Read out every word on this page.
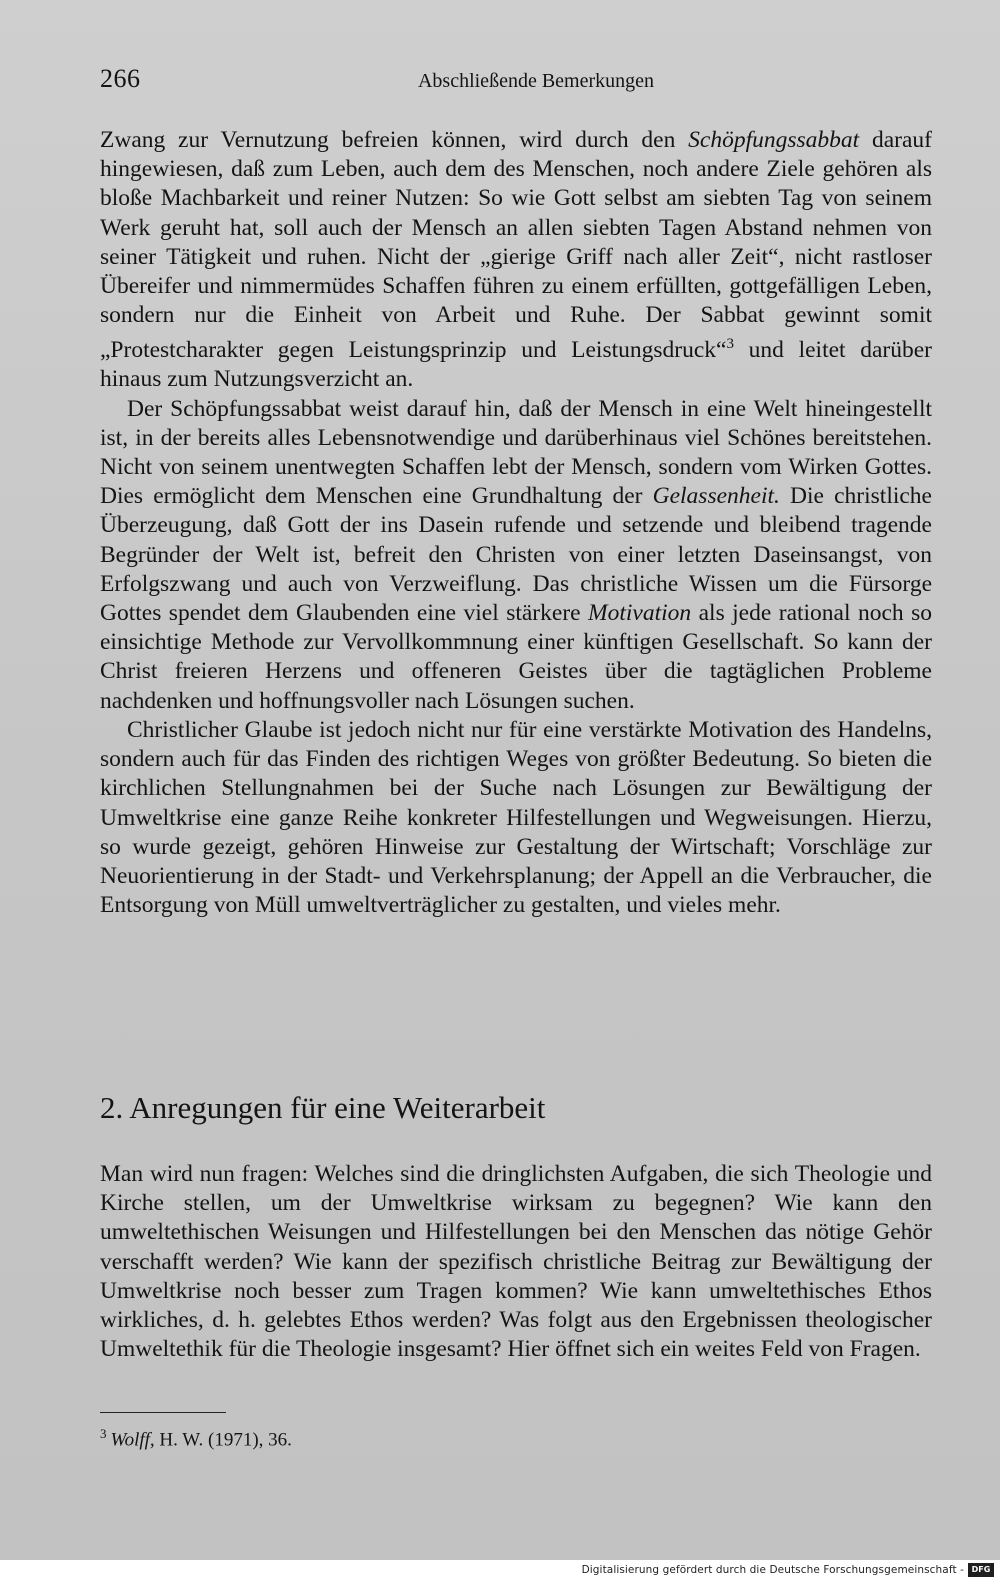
266	Abschließende Bemerkungen

Zwang zur Vernutzung befreien können, wird durch den Schöpfungssabbat darauf hingewiesen, daß zum Leben, auch dem des Menschen, noch andere Ziele gehören als bloße Machbarkeit und reiner Nutzen: So wie Gott selbst am siebten Tag von seinem Werk geruht hat, soll auch der Mensch an allen siebten Tagen Abstand nehmen von seiner Tätigkeit und ruhen. Nicht der „gierige Griff nach aller Zeit“, nicht rastloser Übereifer und nimmermüdes Schaffen führen zu einem erfüllten, gottgefälligen Leben, sondern nur die Einheit von Arbeit und Ruhe. Der Sabbat gewinnt somit „Protestcharakter gegen Leistungsprinzip und Leistungsdruck“$^3$ und leitet darüber hinaus zum Nutzungsverzicht an.

Der Schöpfungssabbat weist darauf hin, daß der Mensch in eine Welt hineingestellt ist, in der bereits alles Lebensnotwendige und darüberhinaus viel Schönes bereitstehen. Nicht von seinem unentwegten Schaffen lebt der Mensch, sondern vom Wirken Gottes. Dies ermöglicht dem Menschen eine Grundhaltung der Gelassenheit. Die christliche Überzeugung, daß Gott der ins Dasein rufende und setzende und bleibend tragende Begründer der Welt ist, befreit den Christen von einer letzten Daseinsangst, von Erfolgszwang und auch von Verzweiflung. Das christliche Wissen um die Fürsorge Gottes spendet dem Glaubenden eine viel stärkere Motivation als jede rational noch so einsichtige Methode zur Vervollkommnung einer künftigen Gesellschaft. So kann der Christ freieren Herzens und offeneren Geistes über die tagtäglichen Probleme nachdenken und hoffnungsvoller nach Lösungen suchen.

Christlicher Glaube ist jedoch nicht nur für eine verstärkte Motivation des Handelns, sondern auch für das Finden des richtigen Weges von größter Bedeutung. So bieten die kirchlichen Stellungnahmen bei der Suche nach Lösungen zur Bewältigung der Umweltkrise eine ganze Reihe konkreter Hilfestellungen und Wegweisungen. Hierzu, so wurde gezeigt, gehören Hinweise zur Gestaltung der Wirtschaft; Vorschläge zur Neuorientierung in der Stadt- und Verkehrsplanung; der Appell an die Verbraucher, die Entsorgung von Müll umweltverträglicher zu gestalten, und vieles mehr.

2. Anregungen für eine Weiterarbeit

Man wird nun fragen: Welches sind die dringlichsten Aufgaben, die sich Theologie und Kirche stellen, um der Umweltkrise wirksam zu begegnen? Wie kann den umweltethischen Weisungen und Hilfestellungen bei den Menschen das nötige Gehör verschafft werden? Wie kann der spezifisch christliche Beitrag zur Bewältigung der Umweltkrise noch besser zum Tragen kommen? Wie kann umweltethisches Ethos wirkliches, d. h. gelebtes Ethos werden? Was folgt aus den Ergebnissen theologischer Umweltethik für die Theologie insgesamt? Hier öffnet sich ein weites Feld von Fragen.

$^3$ Wolff, H. W. (1971), 36.
Digitalisierung gefördert durch die Deutsche Forschungsgemeinschaft - DFG
